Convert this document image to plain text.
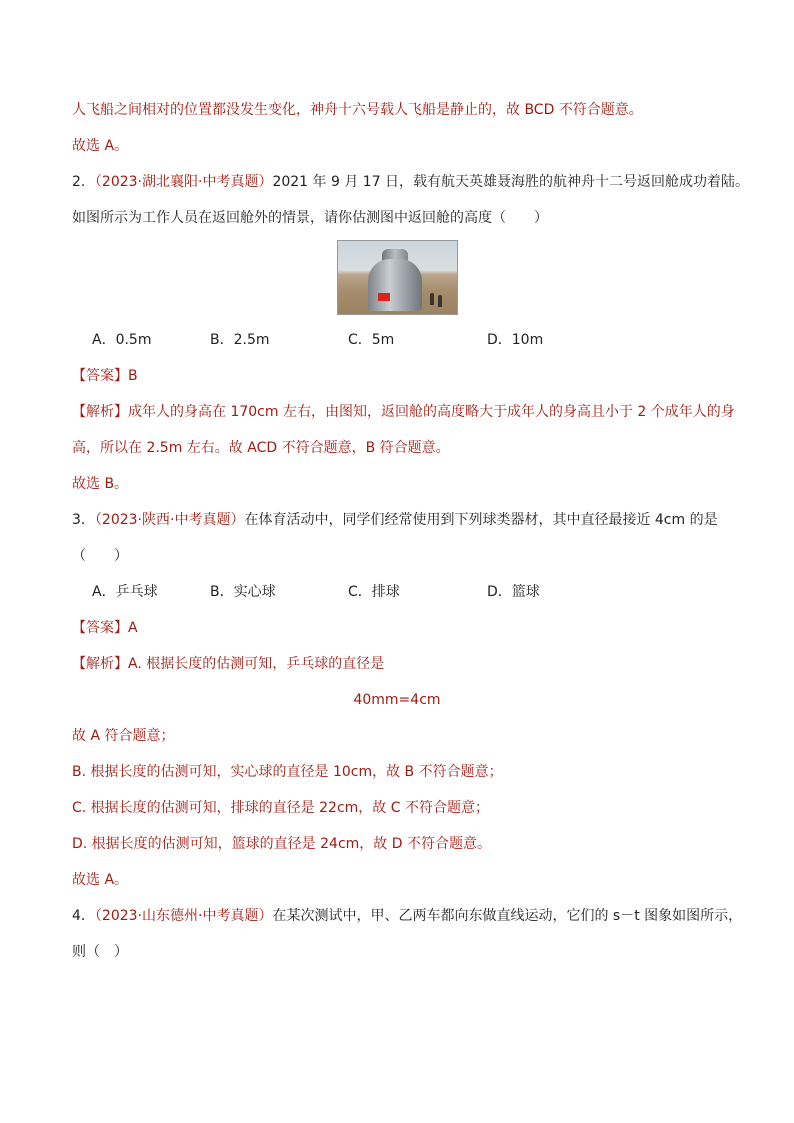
人飞船之间相对的位置都没发生变化，神舟十六号载人飞船是静止的，故 BCD 不符合题意。
故选 A。
2．（2023·湖北襄阳·中考真题）2021 年 9 月 17 日，载有航天英雄聂海胜的航神舟十二号返回舱成功着陆。
如图所示为工作人员在返回舱外的情景，请你估测图中返回舱的高度（　　）
A．0.5m	B．2.5m	C．5m	D．10m
【答案】B
【解析】成年人的身高在 170cm 左右，由图知，返回舱的高度略大于成年人的身高且小于 2 个成年人的身
高，所以在 2.5m 左右。故 ACD 不符合题意，B 符合题意。
故选 B。
3．（2023·陕西·中考真题）在体育活动中，同学们经常使用到下列球类器材，其中直径最接近 4cm 的是
（　　）
A．乒乓球	B．实心球	C．排球	D．篮球
【答案】A
【解析】A. 根据长度的估测可知，乒乓球的直径是
40mm=4cm
故 A 符合题意；
B. 根据长度的估测可知，实心球的直径是 10cm，故 B 不符合题意；
C. 根据长度的估测可知，排球的直径是 22cm，故 C 不符合题意；
D. 根据长度的估测可知，篮球的直径是 24cm，故 D 不符合题意。
故选 A。
4．（2023·山东德州·中考真题）在某次测试中，甲、乙两车都向东做直线运动，它们的 s－t 图象如图所示，
则（　）
